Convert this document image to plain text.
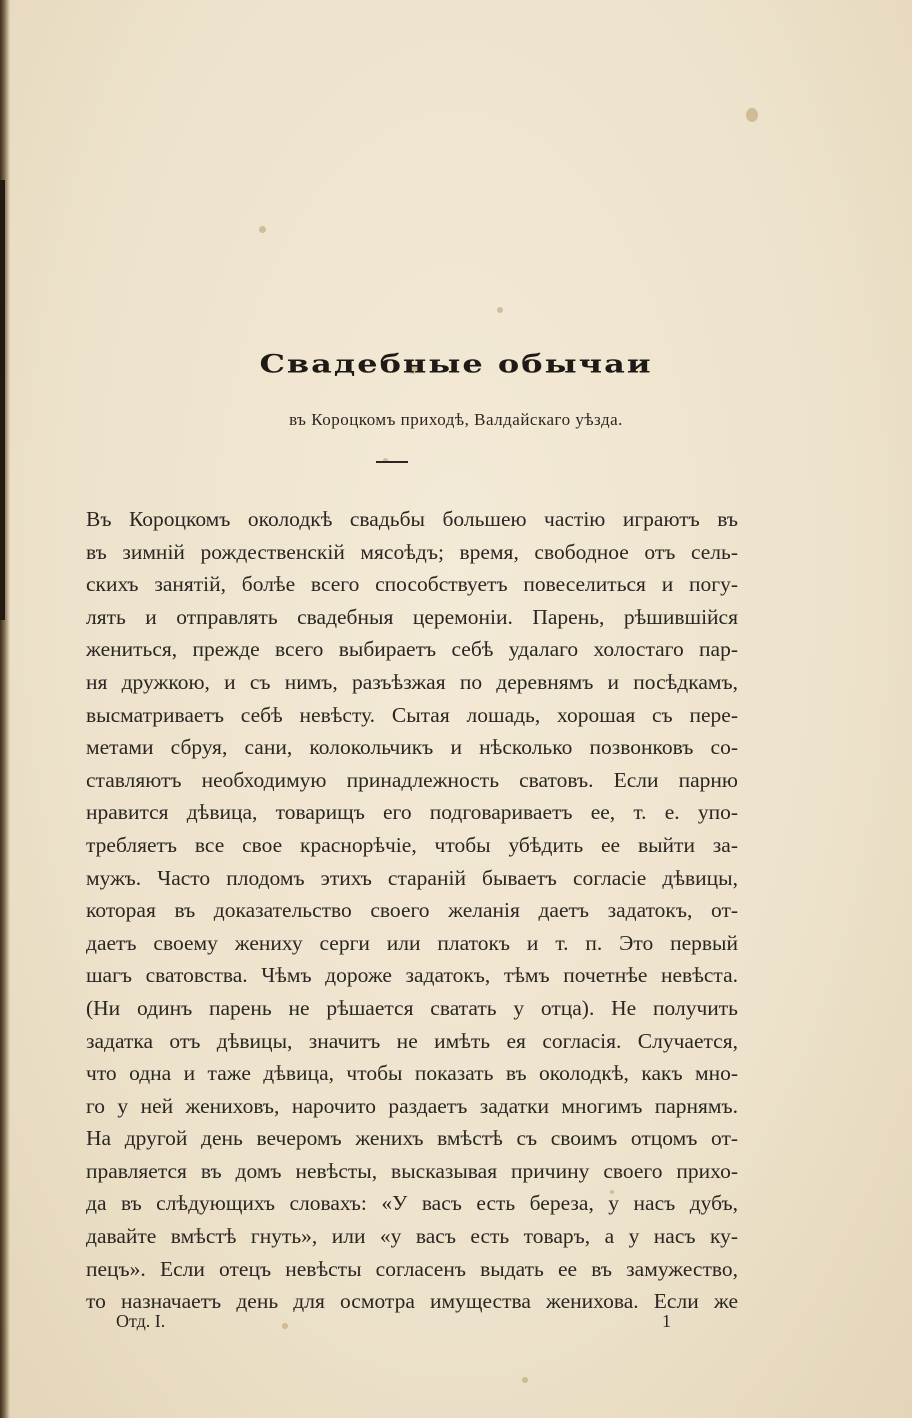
Свадебные обычаи
въ Короцкомъ приходѣ, Валдайскаго уѣзда.
Въ Короцкомъ околодкѣ свадьбы большею частію играютъ въ
въ зимній рождественскій мясоѣдъ; время, свободное отъ сель-
скихъ занятій, болѣе всего способствуетъ повеселиться и погу-
лять и отправлять свадебныя церемоніи. Парень, рѣшившійся
жениться, прежде всего выбираетъ себѣ удалаго холостаго пар-
ня дружкою, и съ нимъ, разъѣзжая по деревнямъ и посѣдкамъ,
высматриваетъ себѣ невѣсту. Сытая лошадь, хорошая съ пере-
метами сбруя, сани, колокольчикъ и нѣсколько позвонковъ со-
ставляютъ необходимую принадлежность сватовъ. Если парню
нравится дѣвица, товарищъ его подговариваетъ ее, т. е. упо-
требляетъ все свое краснорѣчіе, чтобы убѣдить ее выйти за-
мужъ. Часто плодомъ этихъ стараній бываетъ согласіе дѣвицы,
которая въ доказательство своего желанія даетъ задатокъ, от-
даетъ своему жениху серги или платокъ и т. п. Это первый
шагъ сватовства. Чѣмъ дороже задатокъ, тѣмъ почетнѣе невѣста.
(Ни одинъ парень не рѣшается сватать у отца). Не получить
задатка отъ дѣвицы, значитъ не имѣть ея согласія. Случается,
что одна и таже дѣвица, чтобы показать въ околодкѣ, какъ мно-
го у ней жениховъ, нарочито раздаетъ задатки многимъ парнямъ.
На другой день вечеромъ женихъ вмѣстѣ съ своимъ отцомъ от-
правляется въ домъ невѣсты, высказывая причину своего прихо-
да въ слѣдующихъ словахъ: «У васъ есть береза, у насъ дубъ,
давайте вмѣстѣ гнуть», или «у васъ есть товаръ, а у насъ ку-
пецъ». Если отецъ невѣсты согласенъ выдать ее въ замужество,
то назначаетъ день для осмотра имущества женихова. Если же
Отд. I.	1
